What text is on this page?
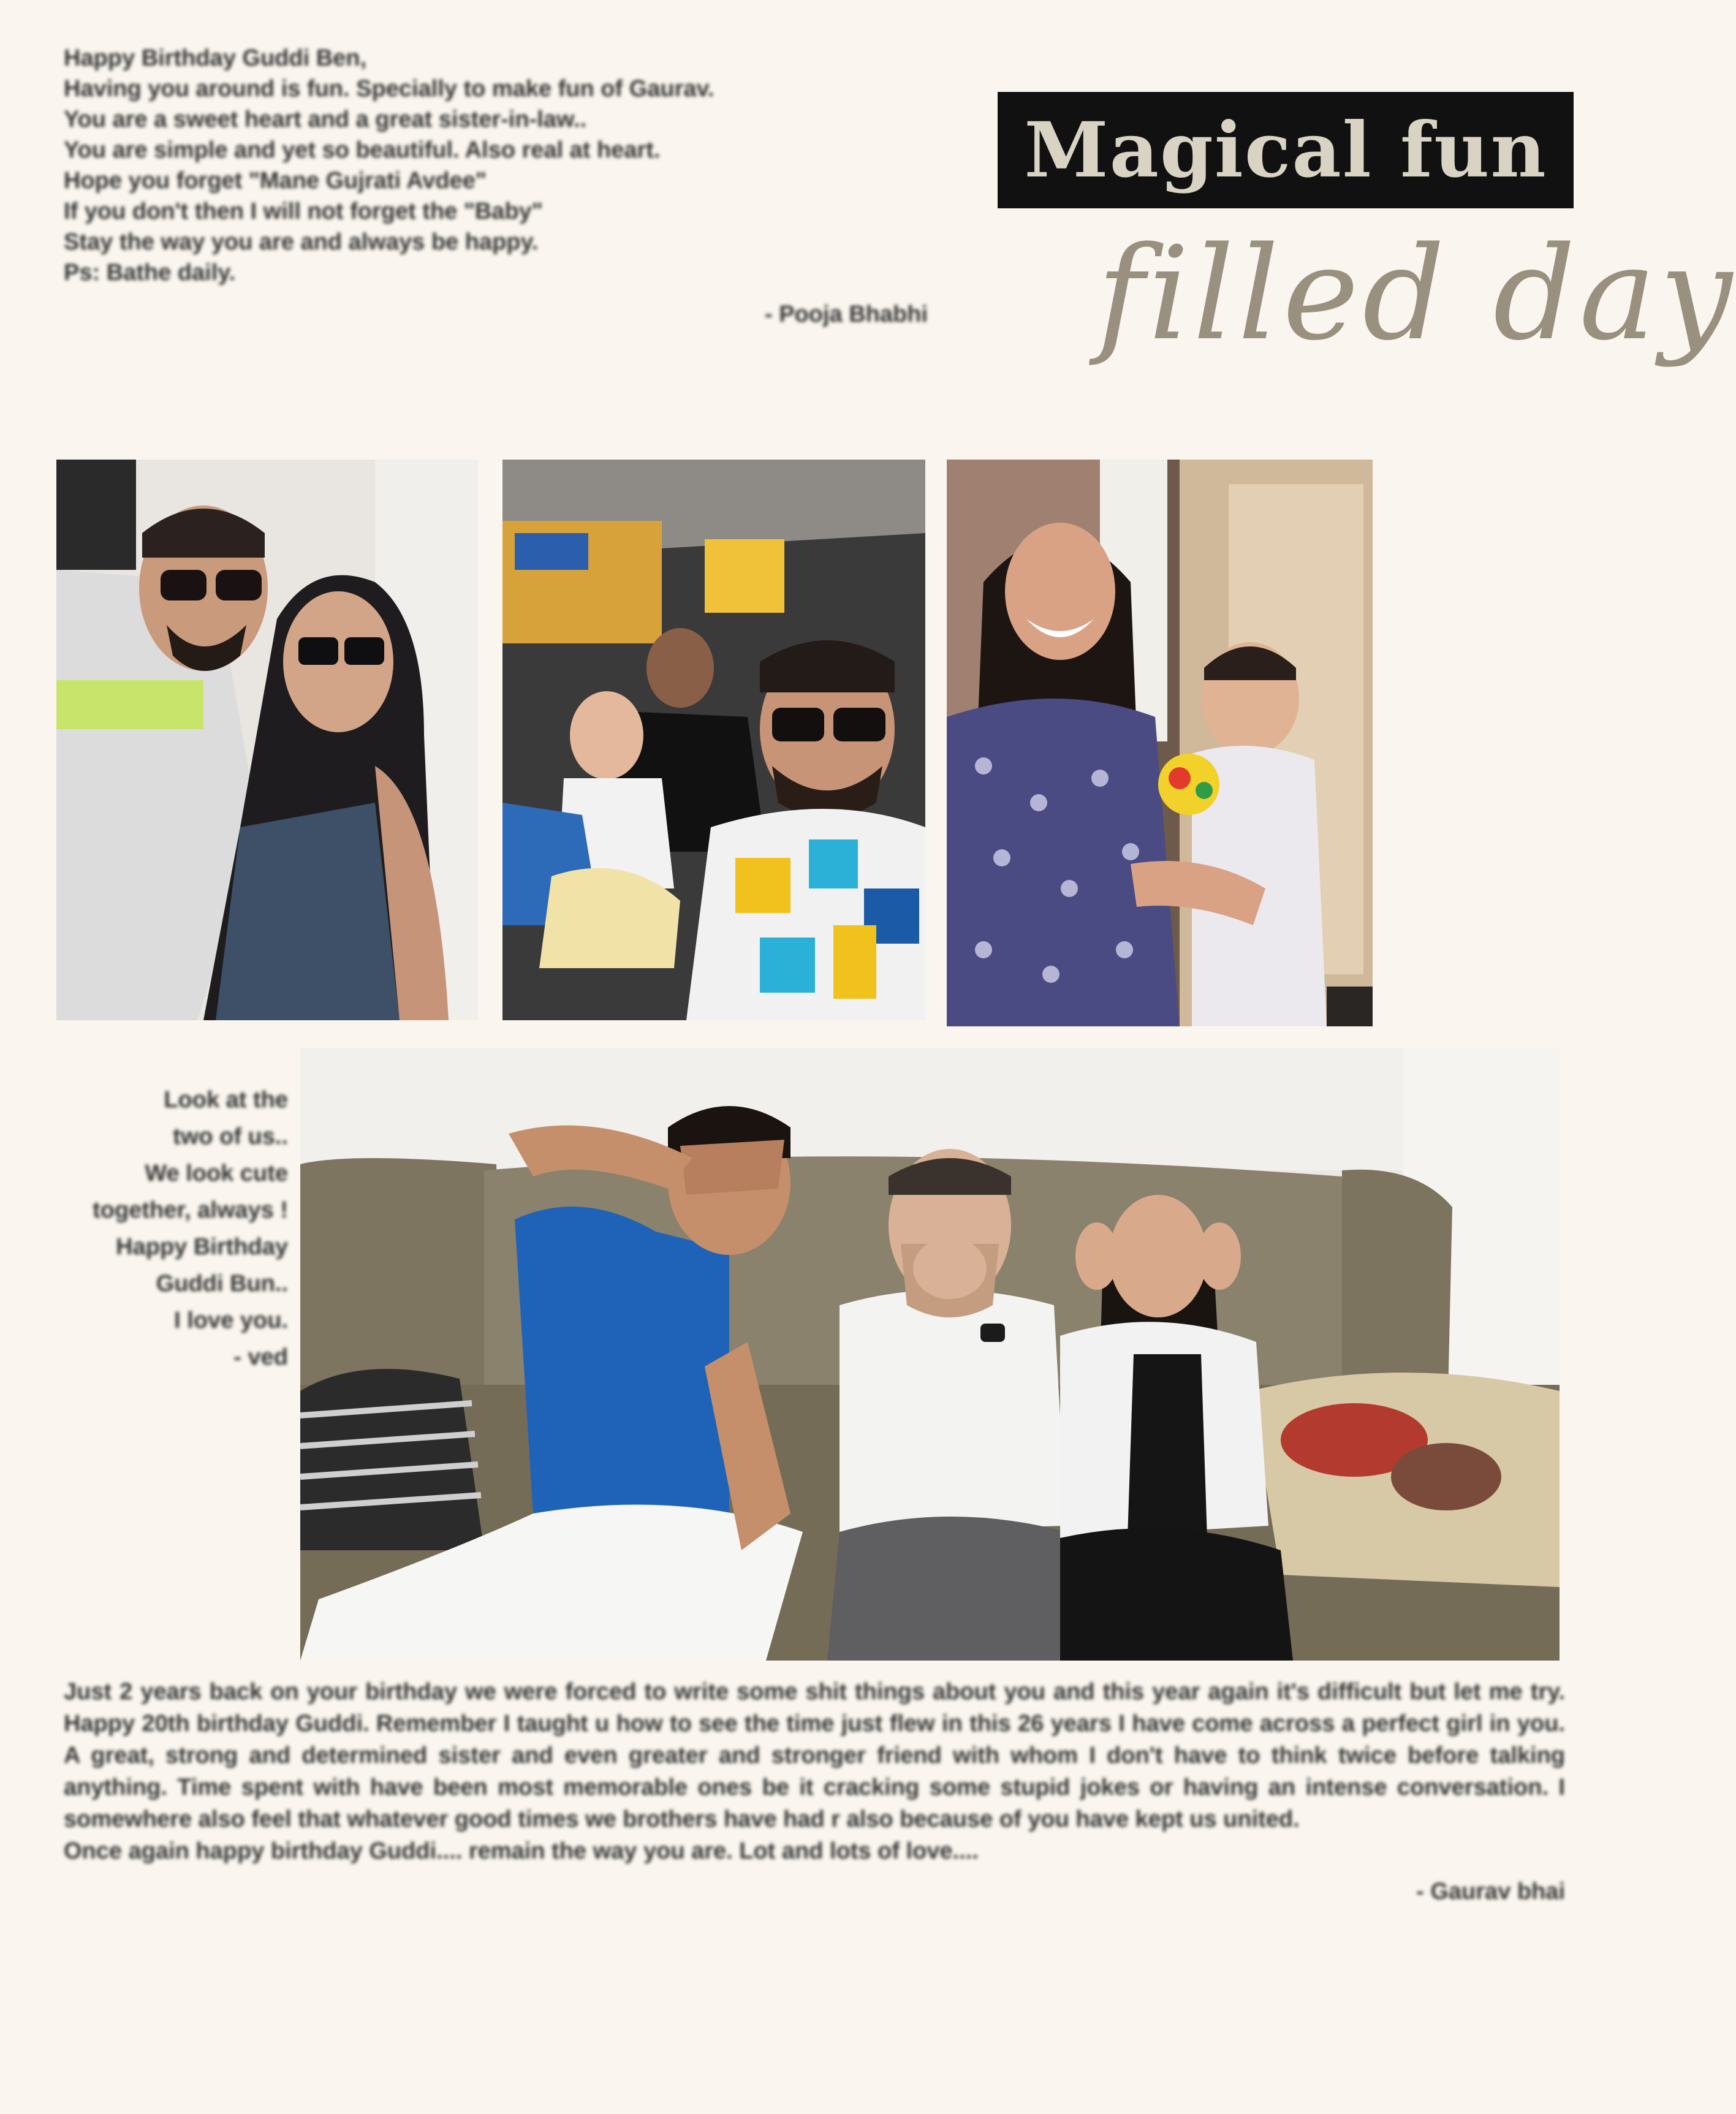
Happy Birthday Guddi Ben,
Having you around is fun. Specially to make fun of Gaurav.
You are a sweet heart and a great sister-in-law..
You are simple and yet so beautiful. Also real at heart.
Hope you forget "Mane Gujrati Avdee"
If you don't then I will not forget the "Baby"
Stay the way you are and always be happy.
Ps: Bathe daily.
- Pooja Bhabhi
Magical fun
filled day
Look at the
two of us..
We look cute
together, always !
Happy Birthday
Guddi Bun..
I love you.
- ved
Just 2 years back on your birthday we were forced to write some shit things about you and this year again it's difficult but let me try. Happy 20th birthday Guddi. Remember I taught u how to see the time just flew in this 26 years I have come across a perfect girl in you. A great, strong and determined sister and even greater and stronger friend with whom I don't have to think twice before talking anything. Time spent with have been most memorable ones be it cracking some stupid jokes or having an intense conversation. I somewhere also feel that whatever good times we brothers have had r also because of you have kept us united.
Once again happy birthday Guddi.... remain the way you are. Lot and lots of love....
- Gaurav bhai
